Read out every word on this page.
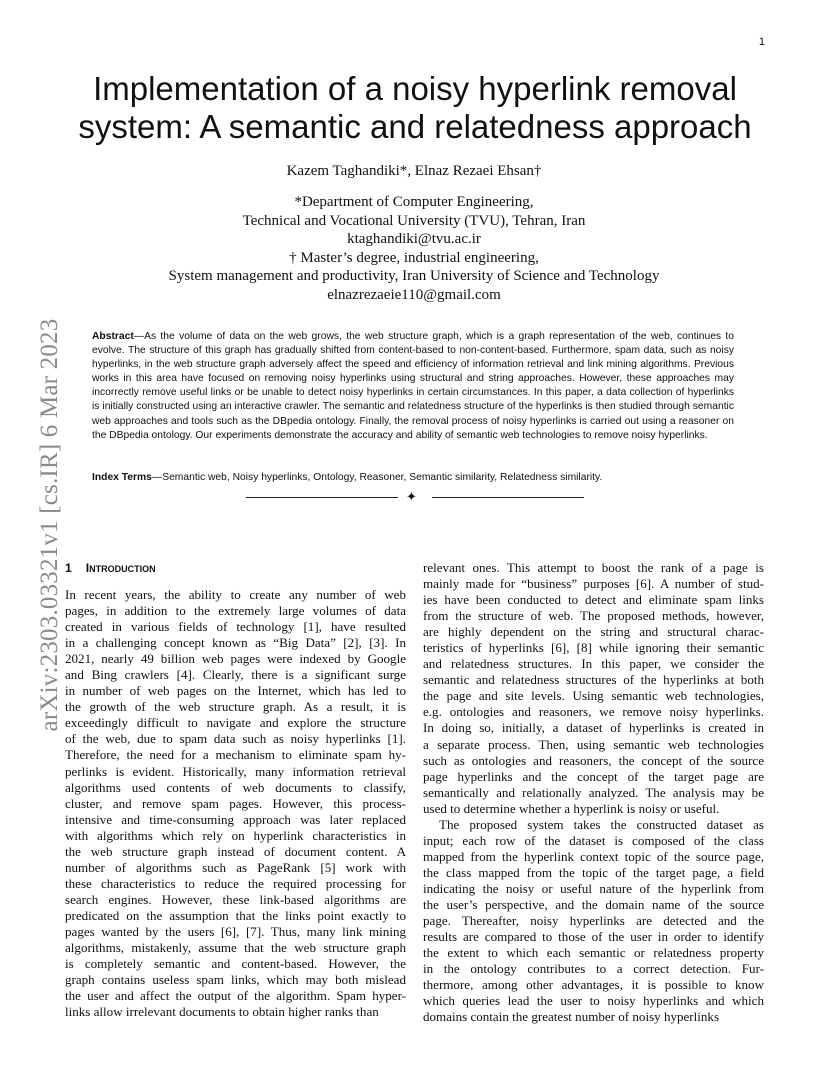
1
arXiv:2303.03321v1 [cs.IR] 6 Mar 2023
Implementation of a noisy hyperlink removal
system: A semantic and relatedness approach
Kazem Taghandiki*, Elnaz Rezaei Ehsan†
*Department of Computer Engineering,
Technical and Vocational University (TVU), Tehran, Iran
ktaghandiki@tvu.ac.ir
† Master’s degree, industrial engineering,
System management and productivity, Iran University of Science and Technology
elnazrezaeie110@gmail.com
Abstract—As the volume of data on the web grows, the web structure graph, which is a graph representation of the web, continues to evolve. The structure of this graph has gradually shifted from content-based to non-content-based. Furthermore, spam data, such as noisy hyperlinks, in the web structure graph adversely affect the speed and efficiency of information retrieval and link mining algorithms. Previous works in this area have focused on removing noisy hyperlinks using structural and string approaches. However, these approaches may incorrectly remove useful links or be unable to detect noisy hyperlinks in certain circumstances. In this paper, a data collection of hyperlinks is initially constructed using an interactive crawler. The semantic and relatedness structure of the hyperlinks is then studied through semantic web approaches and tools such as the DBpedia ontology. Finally, the removal process of noisy hyperlinks is carried out using a reasoner on the DBpedia ontology. Our experiments demonstrate the accuracy and ability of semantic web technologies to remove noisy hyperlinks.
Index Terms—Semantic web, Noisy hyperlinks, Ontology, Reasoner, Semantic similarity, Relatedness similarity.
✦
1 Introduction
In recent years, the ability to create any number of web
pages, in addition to the extremely large volumes of data
created in various fields of technology [1], have resulted
in a challenging concept known as “Big Data” [2], [3]. In
2021, nearly 49 billion web pages were indexed by Google
and Bing crawlers [4]. Clearly, there is a significant surge
in number of web pages on the Internet, which has led to
the growth of the web structure graph. As a result, it is
exceedingly difficult to navigate and explore the structure
of the web, due to spam data such as noisy hyperlinks [1].
Therefore, the need for a mechanism to eliminate spam hy-
perlinks is evident. Historically, many information retrieval
algorithms used contents of web documents to classify,
cluster, and remove spam pages. However, this process-
intensive and time-consuming approach was later replaced
with algorithms which rely on hyperlink characteristics in
the web structure graph instead of document content. A
number of algorithms such as PageRank [5] work with
these characteristics to reduce the required processing for
search engines. However, these link-based algorithms are
predicated on the assumption that the links point exactly to
pages wanted by the users [6], [7]. Thus, many link mining
algorithms, mistakenly, assume that the web structure graph
is completely semantic and content-based. However, the
graph contains useless spam links, which may both mislead
the user and affect the output of the algorithm. Spam hyper-
links allow irrelevant documents to obtain higher ranks than
relevant ones. This attempt to boost the rank of a page is
mainly made for “business” purposes [6]. A number of stud-
ies have been conducted to detect and eliminate spam links
from the structure of web. The proposed methods, however,
are highly dependent on the string and structural charac-
teristics of hyperlinks [6], [8] while ignoring their semantic
and relatedness structures. In this paper, we consider the
semantic and relatedness structures of the hyperlinks at both
the page and site levels. Using semantic web technologies,
e.g. ontologies and reasoners, we remove noisy hyperlinks.
In doing so, initially, a dataset of hyperlinks is created in
a separate process. Then, using semantic web technologies
such as ontologies and reasoners, the concept of the source
page hyperlinks and the concept of the target page are
semantically and relationally analyzed. The analysis may be
used to determine whether a hyperlink is noisy or useful.
The proposed system takes the constructed dataset as
input; each row of the dataset is composed of the class
mapped from the hyperlink context topic of the source page,
the class mapped from the topic of the target page, a field
indicating the noisy or useful nature of the hyperlink from
the user’s perspective, and the domain name of the source
page. Thereafter, noisy hyperlinks are detected and the
results are compared to those of the user in order to identify
the extent to which each semantic or relatedness property
in the ontology contributes to a correct detection. Fur-
thermore, among other advantages, it is possible to know
which queries lead the user to noisy hyperlinks and which
domains contain the greatest number of noisy hyperlinks
